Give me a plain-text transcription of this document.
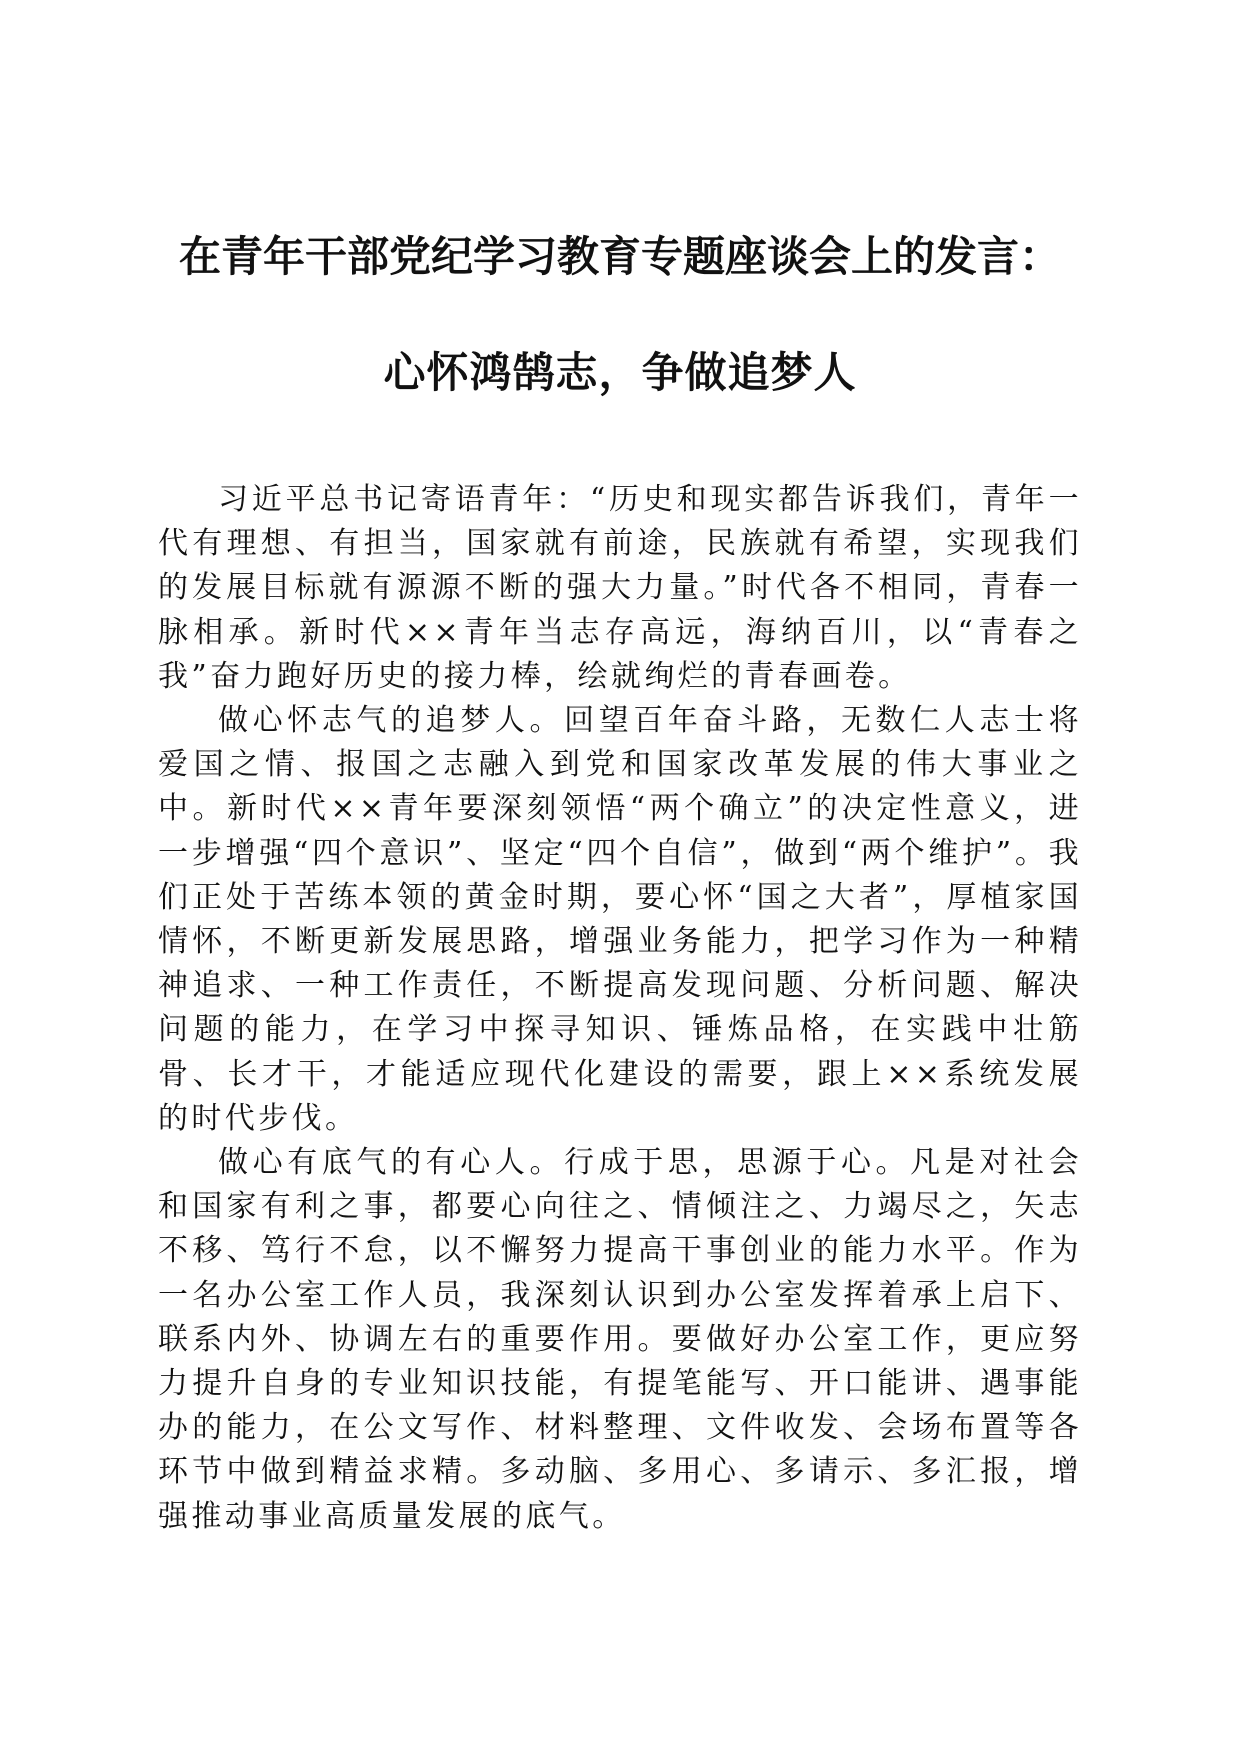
在青年干部党纪学习教育专题座谈会上的发言：
心怀鸿鹄志，争做追梦人

习近平总书记寄语青年：“历史和现实都告诉我们，青年一代有理想、有担当，国家就有前途，民族就有希望，实现我们的发展目标就有源源不断的强大力量。”时代各不相同，青春一脉相承。新时代××青年当志存高远，海纳百川，以“青春之我”奋力跑好历史的接力棒，绘就绚烂的青春画卷。

做心怀志气的追梦人。回望百年奋斗路，无数仁人志士将爱国之情、报国之志融入到党和国家改革发展的伟大事业之中。新时代××青年要深刻领悟“两个确立”的决定性意义，进一步增强“四个意识”、坚定“四个自信”，做到“两个维护”。我们正处于苦练本领的黄金时期，要心怀“国之大者”，厚植家国情怀，不断更新发展思路，增强业务能力，把学习作为一种精神追求、一种工作责任，不断提高发现问题、分析问题、解决问题的能力，在学习中探寻知识、锤炼品格，在实践中壮筋骨、长才干，才能适应现代化建设的需要，跟上××系统发展的时代步伐。

做心有底气的有心人。行成于思，思源于心。凡是对社会和国家有利之事，都要心向往之、情倾注之、力竭尽之，矢志不移、笃行不怠，以不懈努力提高干事创业的能力水平。作为一名办公室工作人员，我深刻认识到办公室发挥着承上启下、联系内外、协调左右的重要作用。要做好办公室工作，更应努力提升自身的专业知识技能，有提笔能写、开口能讲、遇事能办的能力，在公文写作、材料整理、文件收发、会场布置等各环节中做到精益求精。多动脑、多用心、多请示、多汇报，增强推动事业高质量发展的底气。
